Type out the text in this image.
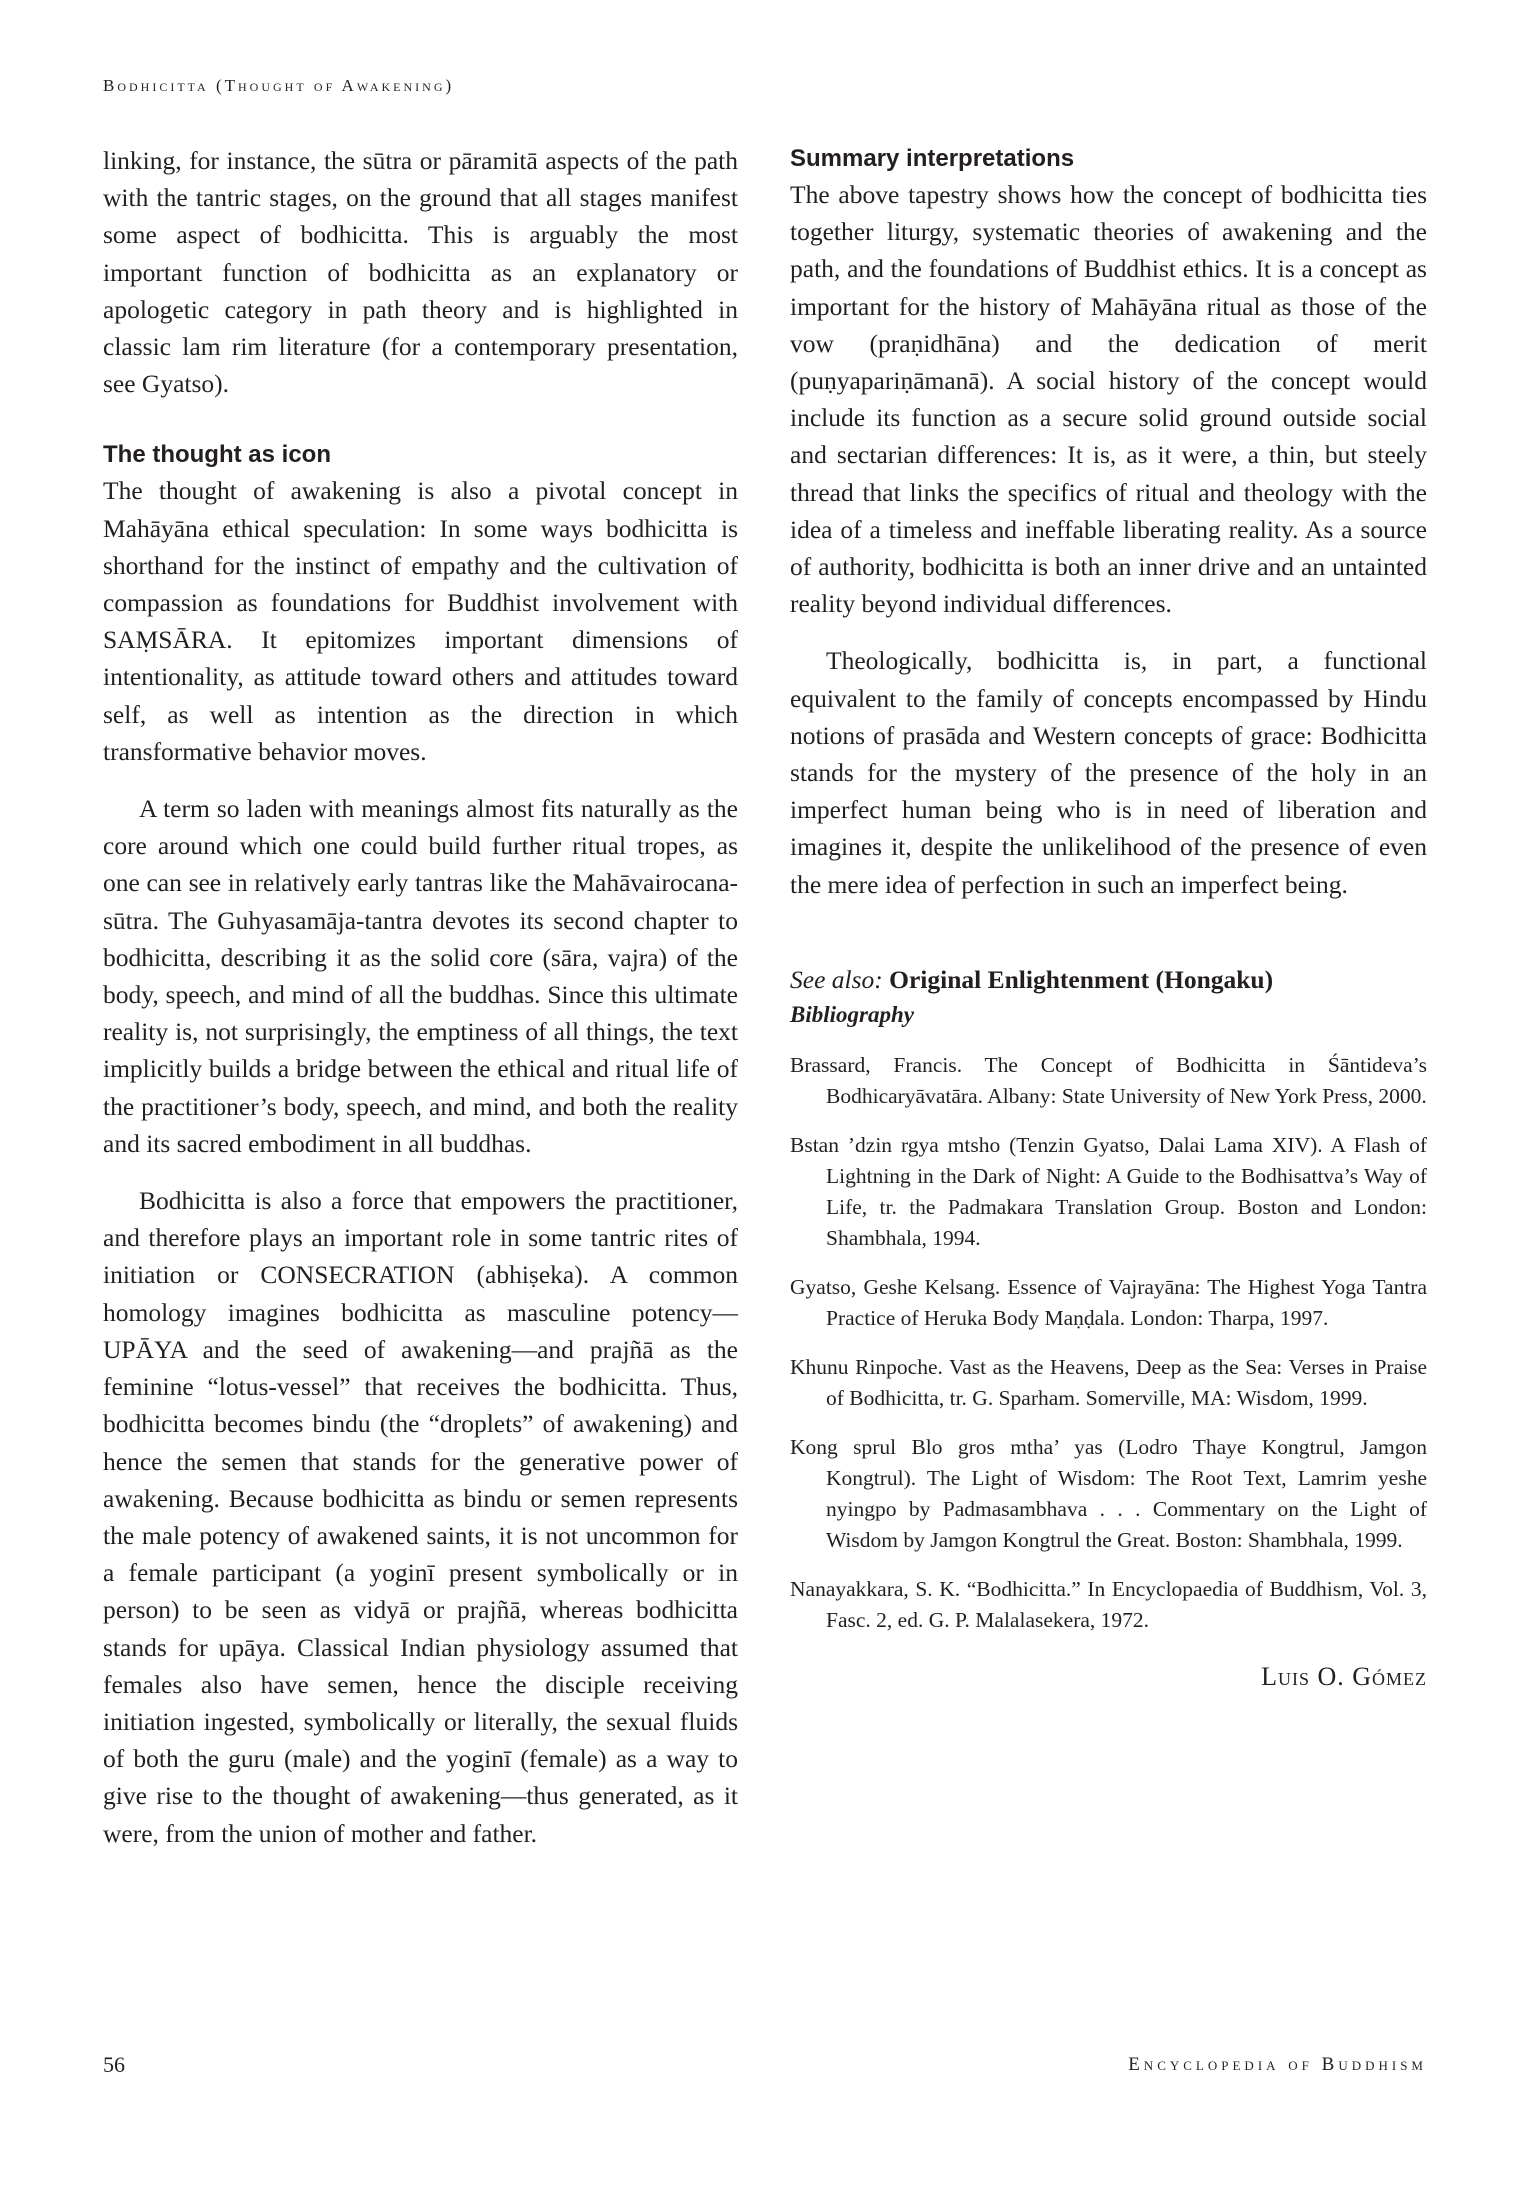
Bodhicitta (Thought of Awakening)

linking, for instance, the sūtra or pāramitā aspects of the path with the tantric stages, on the ground that all stages manifest some aspect of bodhicitta. This is arguably the most important function of bodhicitta as an explanatory or apologetic category in path theory and is highlighted in classic lam rim literature (for a contemporary presentation, see Gyatso).

The thought as icon

The thought of awakening is also a pivotal concept in Mahāyāna ethical speculation: In some ways bodhicitta is shorthand for the instinct of empathy and the cultivation of compassion as foundations for Buddhist involvement with SAṂSĀRA. It epitomizes important dimensions of intentionality, as attitude toward others and attitudes toward self, as well as intention as the direction in which transformative behavior moves.

A term so laden with meanings almost fits naturally as the core around which one could build further ritual tropes, as one can see in relatively early tantras like the Mahāvairocana-sūtra. The Guhyasamāja-tantra devotes its second chapter to bodhicitta, describing it as the solid core (sāra, vajra) of the body, speech, and mind of all the buddhas. Since this ultimate reality is, not surprisingly, the emptiness of all things, the text implicitly builds a bridge between the ethical and ritual life of the practitioner’s body, speech, and mind, and both the reality and its sacred embodiment in all buddhas.

Bodhicitta is also a force that empowers the practitioner, and therefore plays an important role in some tantric rites of initiation or CONSECRATION (abhiṣeka). A common homology imagines bodhicitta as masculine potency—UPĀYA and the seed of awakening—and prajñā as the feminine “lotus-vessel” that receives the bodhicitta. Thus, bodhicitta becomes bindu (the “droplets” of awakening) and hence the semen that stands for the generative power of awakening. Because bodhicitta as bindu or semen represents the male potency of awakened saints, it is not uncommon for a female participant (a yoginī present symbolically or in person) to be seen as vidyā or prajñā, whereas bodhicitta stands for upāya. Classical Indian physiology assumed that females also have semen, hence the disciple receiving initiation ingested, symbolically or literally, the sexual fluids of both the guru (male) and the yoginī (female) as a way to give rise to the thought of awakening—thus generated, as it were, from the union of mother and father.

Summary interpretations

The above tapestry shows how the concept of bodhicitta ties together liturgy, systematic theories of awakening and the path, and the foundations of Buddhist ethics. It is a concept as important for the history of Mahāyāna ritual as those of the vow (praṇidhāna) and the dedication of merit (puṇyapariṇāmanā). A social history of the concept would include its function as a secure solid ground outside social and sectarian differences: It is, as it were, a thin, but steely thread that links the specifics of ritual and theology with the idea of a timeless and ineffable liberating reality. As a source of authority, bodhicitta is both an inner drive and an untainted reality beyond individual differences.

Theologically, bodhicitta is, in part, a functional equivalent to the family of concepts encompassed by Hindu notions of prasāda and Western concepts of grace: Bodhicitta stands for the mystery of the presence of the holy in an imperfect human being who is in need of liberation and imagines it, despite the unlikelihood of the presence of even the mere idea of perfection in such an imperfect being.

See also: Original Enlightenment (Hongaku)

Bibliography

Brassard, Francis. The Concept of Bodhicitta in Śāntideva’s Bodhicaryāvatāra. Albany: State University of New York Press, 2000.

Bstan ’dzin rgya mtsho (Tenzin Gyatso, Dalai Lama XIV). A Flash of Lightning in the Dark of Night: A Guide to the Bodhisattva’s Way of Life, tr. the Padmakara Translation Group. Boston and London: Shambhala, 1994.

Gyatso, Geshe Kelsang. Essence of Vajrayāna: The Highest Yoga Tantra Practice of Heruka Body Maṇḍala. London: Tharpa, 1997.

Khunu Rinpoche. Vast as the Heavens, Deep as the Sea: Verses in Praise of Bodhicitta, tr. G. Sparham. Somerville, MA: Wisdom, 1999.

Kong sprul Blo gros mtha’ yas (Lodro Thaye Kongtrul, Jamgon Kongtrul). The Light of Wisdom: The Root Text, Lamrim yeshe nyingpo by Padmasambhava . . . Commentary on the Light of Wisdom by Jamgon Kongtrul the Great. Boston: Shambhala, 1999.

Nanayakkara, S. K. “Bodhicitta.” In Encyclopaedia of Buddhism, Vol. 3, Fasc. 2, ed. G. P. Malalasekera, 1972.

Luis O. Gómez

56	Encyclopedia of Buddhism
